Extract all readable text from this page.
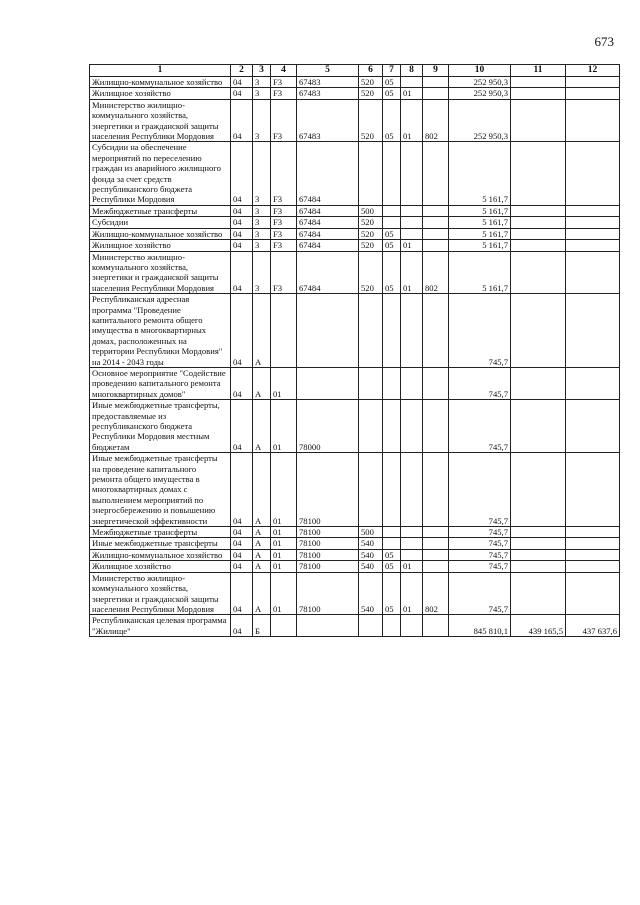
673
1	2	3	4	5	6	7	8	9	10	11	12
Жилищно-коммунальное хозяйство	04	3	F3	67483	520	05			252 950,3		
Жилищное хозяйство	04	3	F3	67483	520	05	01		252 950,3		
Министерство жилищно-коммунального хозяйства, энергетики и гражданской защиты населения Республики Мордовия	04	3	F3	67483	520	05	01	802	252 950,3		
Субсидии на обеспечение мероприятий по переселению граждан из аварийного жилищного фонда за счет средств республиканского бюджета Республики Мордовия	04	3	F3	67484					5 161,7		
Межбюджетные трансферты	04	3	F3	67484	500				5 161,7		
Субсидии	04	3	F3	67484	520				5 161,7		
Жилищно-коммунальное хозяйство	04	3	F3	67484	520	05			5 161,7		
Жилищное хозяйство	04	3	F3	67484	520	05	01		5 161,7		
Министерство жилищно-коммунального хозяйства, энергетики и гражданской защиты населения Республики Мордовия	04	3	F3	67484	520	05	01	802	5 161,7		
Республиканская адресная программа "Проведение капитального ремонта общего имущества в многоквартирных домах, расположенных на территории Республики Мордовия" на 2014 - 2043 годы	04	А							745,7		
Основное мероприятие "Содействие проведению капитального ремонта многоквартирных домов"	04	А	01						745,7		
Иные межбюджетные трансферты, предоставляемые из республиканского бюджета Республики Мордовия местным бюджетам	04	А	01	78000					745,7		
Иные межбюджетные трансферты на проведение капитального ремонта общего имущества в многоквартирных домах с выполнением мероприятий по энергосбережению и повышению энергетической эффективности	04	А	01	78100					745,7		
Межбюджетные трансферты	04	А	01	78100	500				745,7		
Иные межбюджетные трансферты	04	А	01	78100	540				745,7		
Жилищно-коммунальное хозяйство	04	А	01	78100	540	05			745,7		
Жилищное хозяйство	04	А	01	78100	540	05	01		745,7		
Министерство жилищно-коммунального хозяйства, энергетики и гражданской защиты населения Республики Мордовия	04	А	01	78100	540	05	01	802	745,7		
Республиканская целевая программа "Жилище"	04	Б							845 810,1	439 165,5	437 637,6
